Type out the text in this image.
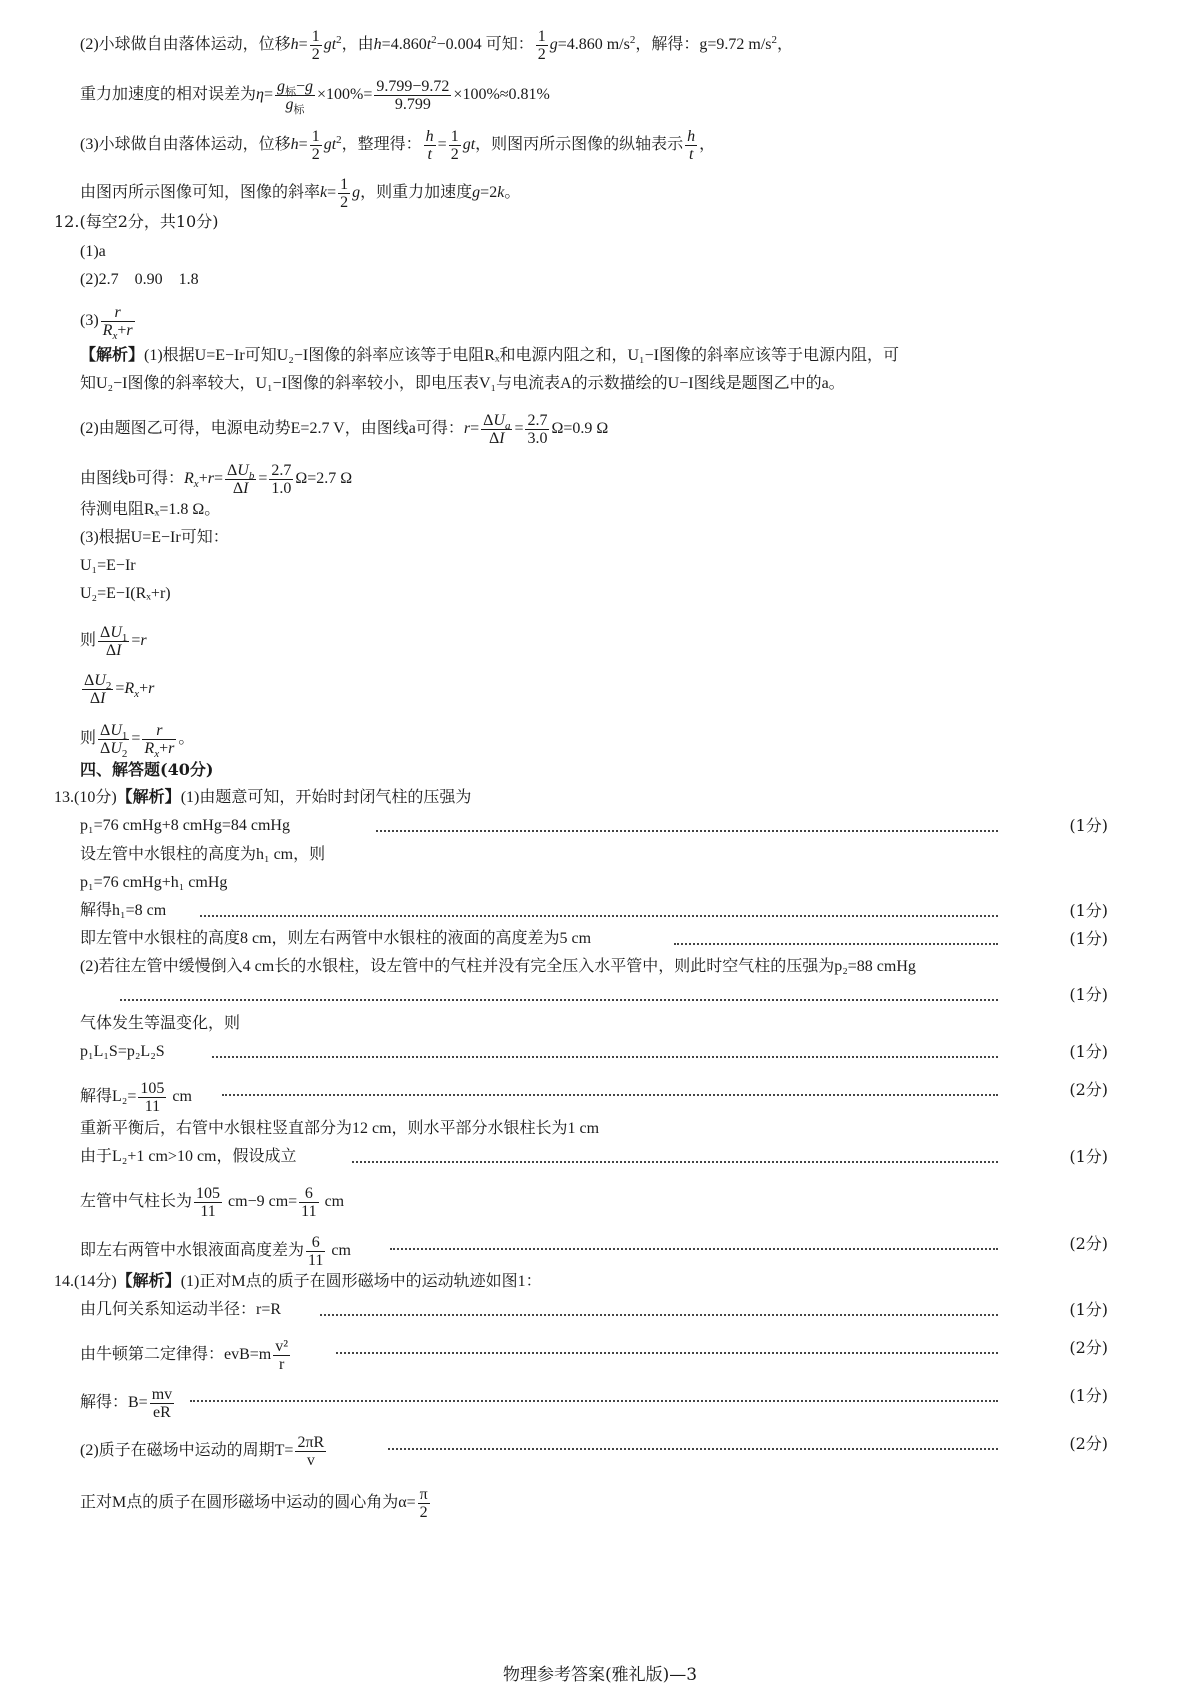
(2)小球做自由落体运动，位移$h= \frac{1}{2} gt^2$，由$h=4.860t^2-0.004$ 可知： $\frac{1}{2} g=4.860$ $m/s^2$，解得：g=9.72 $m/s^2$，
重力加速度的相对误差为$\eta= \frac{g_标-g}{g_标} \times 100\%= \frac{9.799-9.72}{9.799} \times 100\%\approx 0.81\%$
(3)小球做自由落体运动，位移$h= \frac{1}{2} gt^2$，整理得： $\frac{h}{t} = \frac{1}{2}$ gt，则图丙所示图像的纵轴表示 $\frac{h}{t}$ ，
由图丙所示图像可知，图像的斜率$k= \frac{1}{2}$ g，则重力加速度g=2k。
12.(每空2分，共10分)
(1)a
(2)2.7　0.90　1.8
$(3) \frac{r}{R_x+r}$
【解析】(1)根据U=E−Ir可知U₂−I图像的斜率应该等于电阻Rₓ和电源内阻之和，U₁−I图像的斜率应该等于电源内阻，可
知U₂−I图像的斜率较大，U₁−I图像的斜率较小，即电压表V₁与电流表A的示数描绘的U−I图线是题图乙中的a。
(2)由题图乙可得，电源电动势E=2.7 V，由图线a可得：$r= \frac{\Delta U_a}{\Delta I} = \frac{2.7}{3.0} \Omega=0.9$ Ω
由图线b可得：$R_x+r= \frac{\Delta U_b}{\Delta I} = \frac{2.7}{1.0} \Omega=2.7$ Ω
待测电阻Rₓ=1.8 Ω。
(3)根据U=E−Ir可知：
U₁=E−Ir
U₂=E−I(Rₓ+r)
则 $\frac{\Delta U_1}{\Delta I} =r$
$\frac{\Delta U_2}{\Delta I} =R_x+r$
则 $\frac{\Delta U_1}{\Delta U_2} = \frac{r}{R_x+r}$ 。
四、解答题(40分)
13.(10分)【解析】(1)由题意可知，开始时封闭气柱的压强为
p₁=76 cmHg+8 cmHg=84 cmHg	(1分)
设左管中水银柱的高度为h₁ cm，则
p₁=76 cmHg+h₁ cmHg
解得h₁=8 cm	(1分)
即左管中水银柱的高度8 cm，则左右两管中水银柱的液面的高度差为5 cm	(1分)
(2)若往左管中缓慢倒入4 cm长的水银柱，设左管中的气柱并没有完全压入水平管中，则此时空气柱的压强为p₂=88 cmHg
(1分)
气体发生等温变化，则
p₁L₁S=p₂L₂S	(1分)
解得$L_2= \frac{105}{11}$ cm	(2分)
重新平衡后，右管中水银柱竖直部分为12 cm，则水平部分水银柱长为1 cm
由于L₂+1 cm>10 cm，假设成立	(1分)
左管中气柱长为 $\frac{105}{11} cm-9$ $cm= \frac{6}{11}$ cm
即左右两管中水银液面高度差为 $\frac{6}{11}$ cm	(2分)
14.(14分)【解析】(1)正对M点的质子在圆形磁场中的运动轨迹如图1：
由几何关系知运动半径：r=R	(1分)
由牛顿第二定律得：$evB=m \frac{\text{v²}}{r}$	(2分)
解得：$B= \frac{mv}{eR}$	(1分)
(2)质子在磁场中运动的周期$T= \frac{2\pi R}{v}$	(2分)
正对M点的质子在圆形磁场中运动的圆心角为$\alpha= \frac{\pi}{2}$
物理参考答案(雅礼版)—3
